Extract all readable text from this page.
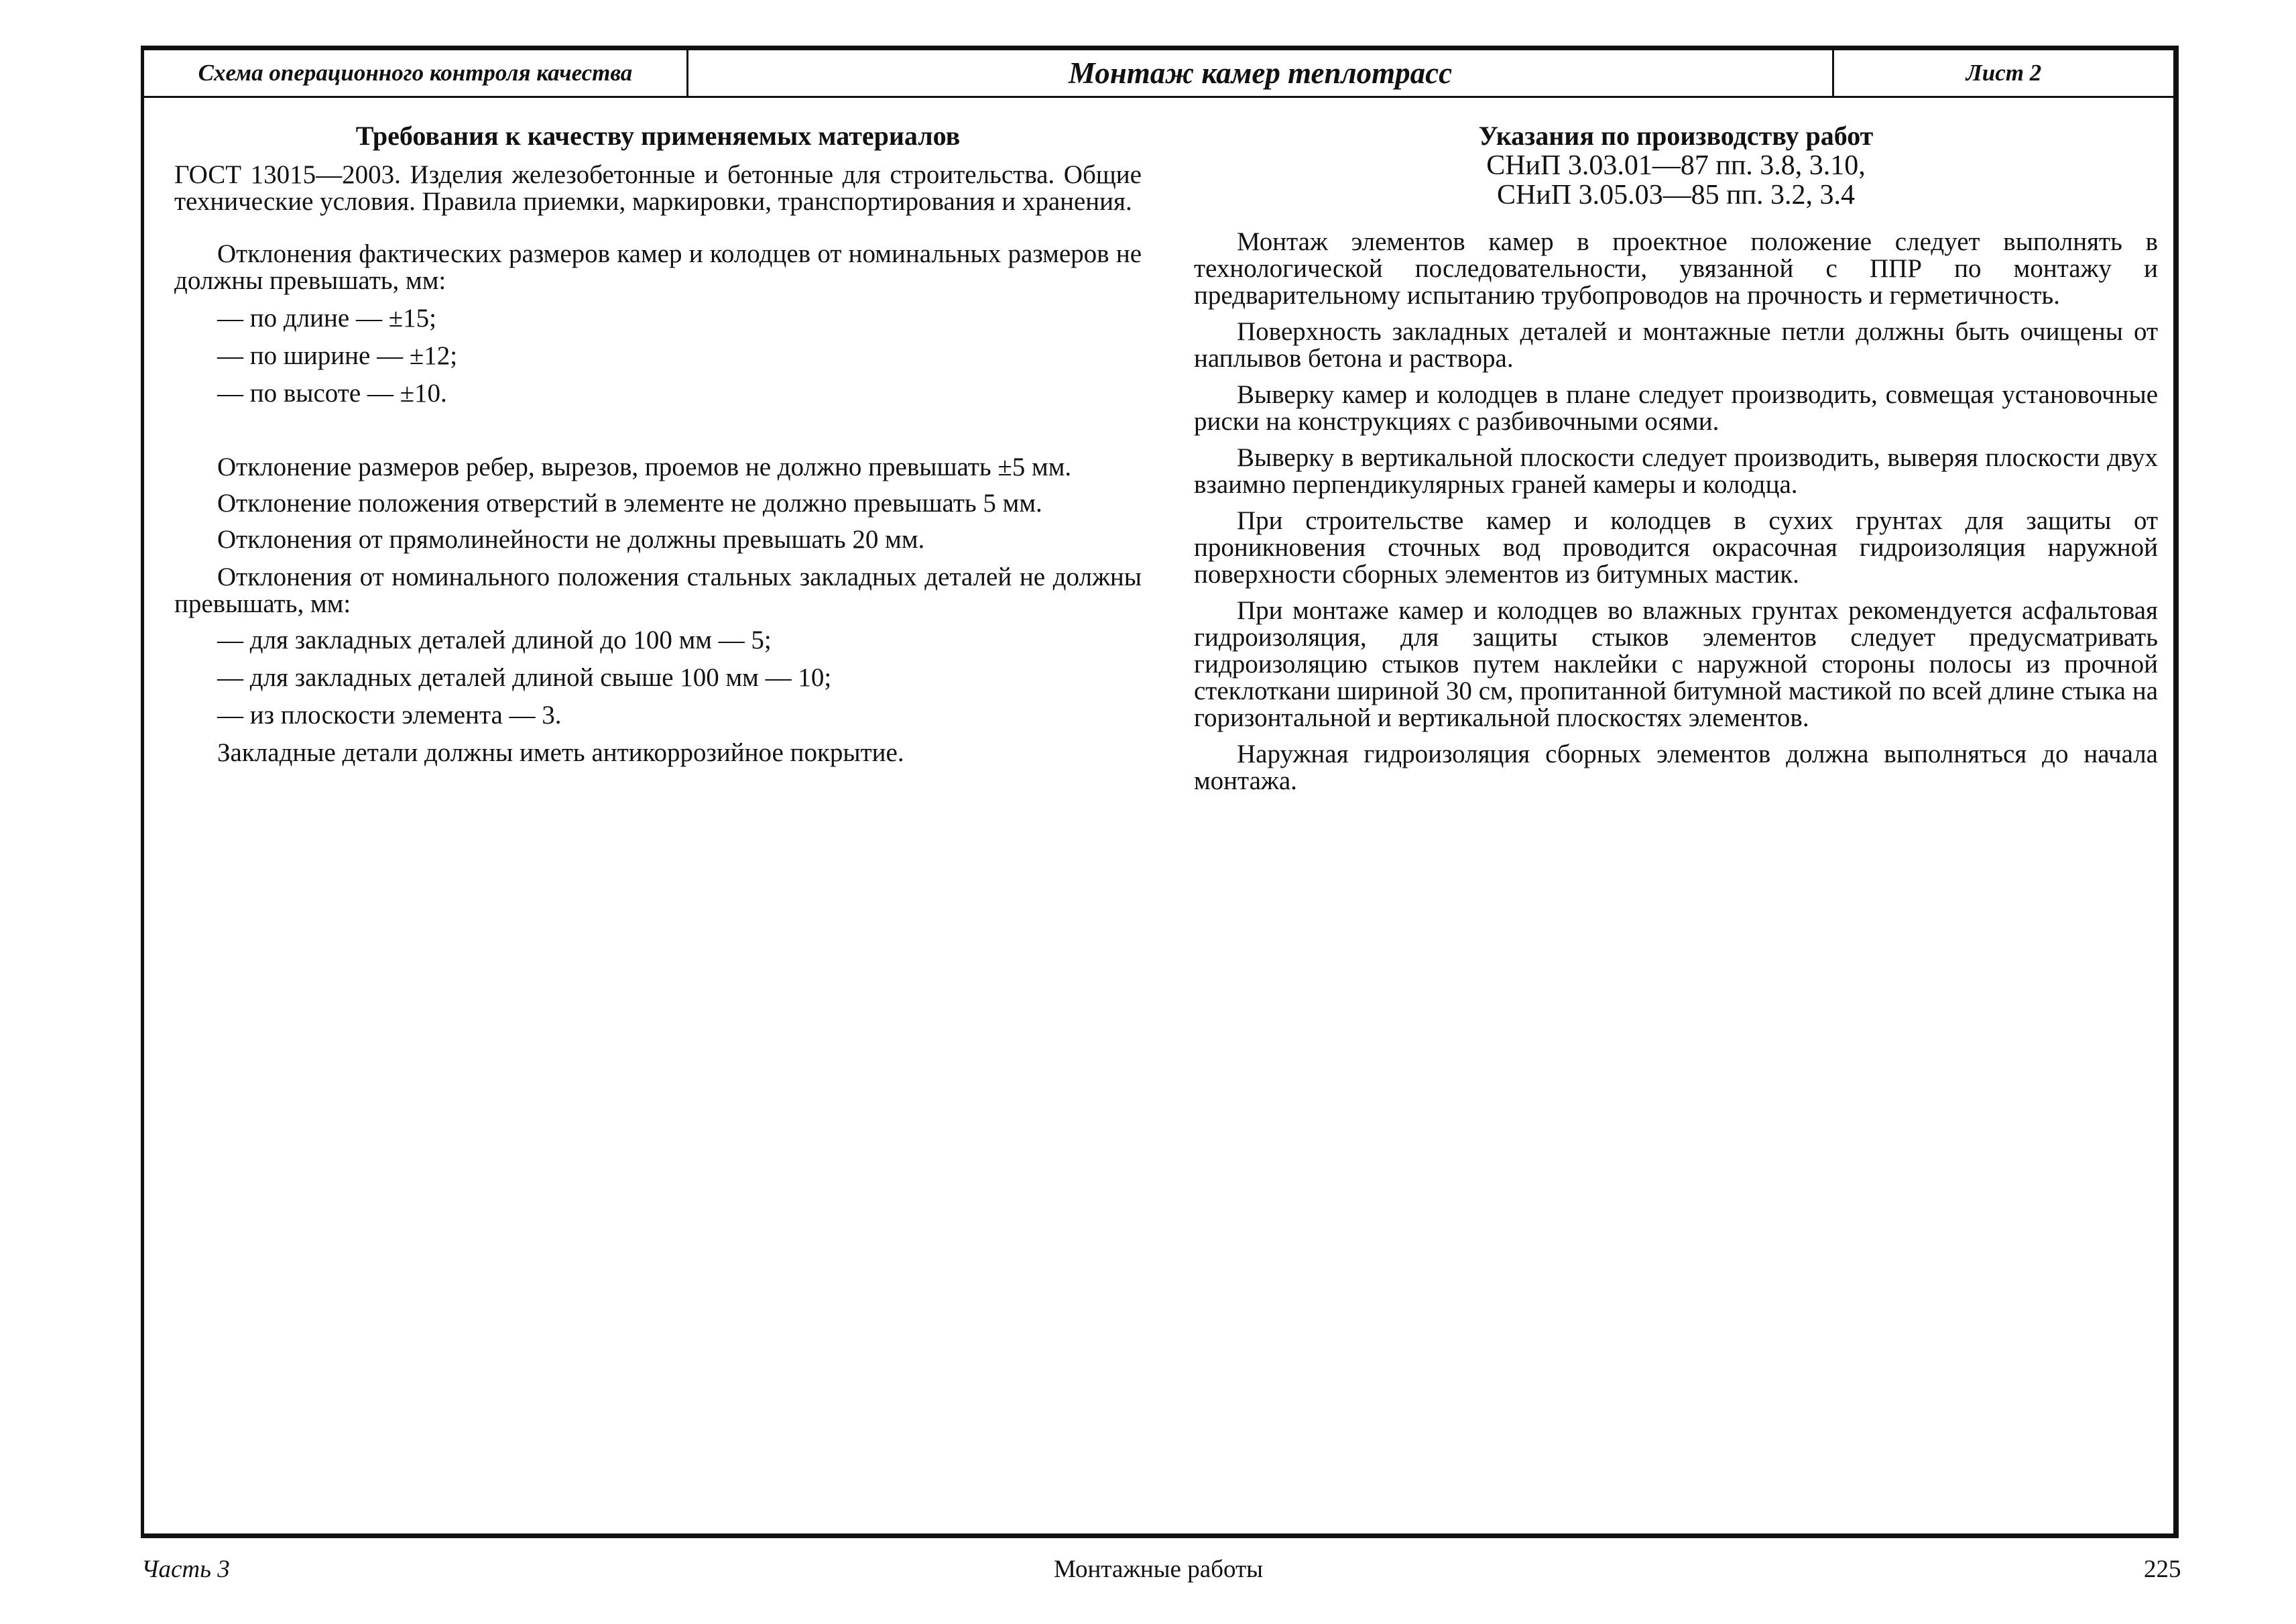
Схема операционного контроля качества	Монтаж камер теплотрасс	Лист 2
Требования к качеству применяемых материалов

ГОСТ 13015—2003. Изделия железобетонные и бетонные для строительства. Общие технические условия. Правила приемки, маркировки, транспортирования и хранения.

Отклонения фактических размеров камер и колодцев от номинальных размеров не должны превышать, мм:

— по длине — ±15;

— по ширине — ±12;

— по высоте — ±10.

Отклонение размеров ребер, вырезов, проемов не должно превышать ±5 мм.

Отклонение положения отверстий в элементе не должно превышать 5 мм.

Отклонения от прямолинейности не должны превышать 20 мм.

Отклонения от номинального положения стальных закладных деталей не должны превышать, мм:

— для закладных деталей длиной до 100 мм — 5;

— для закладных деталей длиной свыше 100 мм — 10;

— из плоскости элемента — 3.

Закладные детали должны иметь антикоррозийное покрытие.

Указания по производству работ
СНиП 3.03.01—87 пп. 3.8, 3.10,
СНиП 3.05.03—85 пп. 3.2, 3.4

Монтаж элементов камер в проектное положение следует выполнять в технологической последовательности, увязанной с ППР по монтажу и предварительному испытанию трубопроводов на прочность и герметичность.

Поверхность закладных деталей и монтажные петли должны быть очищены от наплывов бетона и раствора.

Выверку камер и колодцев в плане следует производить, совмещая установочные риски на конструкциях с разбивочными осями.

Выверку в вертикальной плоскости следует производить, выверяя плоскости двух взаимно перпендикулярных граней камеры и колодца.

При строительстве камер и колодцев в сухих грунтах для защиты от проникновения сточных вод проводится окрасочная гидроизоляция наружной поверхности сборных элементов из битумных мастик.

При монтаже камер и колодцев во влажных грунтах рекомендуется асфальтовая гидроизоляция, для защиты стыков элементов следует предусматривать гидроизоляцию стыков путем наклейки с наружной стороны полосы из прочной стеклоткани шириной 30 см, пропитанной битумной мастикой по всей длине стыка на горизонтальной и вертикальной плоскостях элементов.

Наружная гидроизоляция сборных элементов должна выполняться до начала монтажа.

Часть 3	Монтажные работы	225
